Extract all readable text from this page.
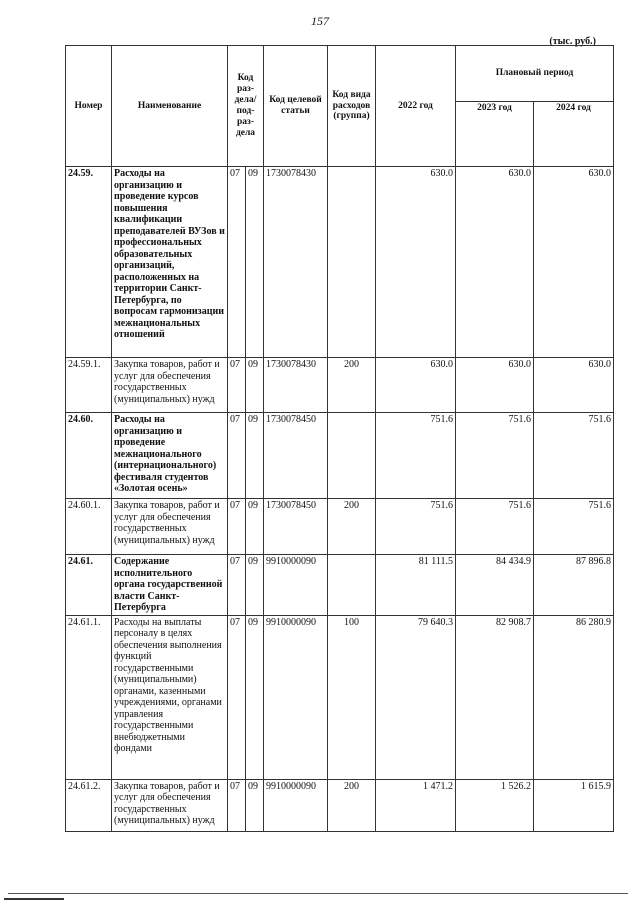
157
(тыс. руб.)
Номер	Наименование	Код раз-дела/ под-раз-дела		Код целевой статьи	Код вида расходов (группа)	2022 год	Плановый период	
							2023 год	2024 год
24.59.	Расходы на организацию и проведение курсов повышения квалификации преподавателей ВУЗов и профессиональных образовательных организаций, расположенных на территории Санкт-Петербурга, по вопросам гармонизации межнациональных отношений	07	09	1730078430		630.0	630.0	630.0
24.59.1.	Закупка товаров, работ и услуг для обеспечения государственных (муниципальных) нужд	07	09	1730078430	200	630.0	630.0	630.0
24.60.	Расходы на организацию и проведение межнационального (интернационального) фестиваля студентов «Золотая осень»	07	09	1730078450		751.6	751.6	751.6
24.60.1.	Закупка товаров, работ и услуг для обеспечения государственных (муниципальных) нужд	07	09	1730078450	200	751.6	751.6	751.6
24.61.	Содержание исполнительного органа государственной власти Санкт-Петербурга	07	09	9910000090		81 111.5	84 434.9	87 896.8
24.61.1.	Расходы на выплаты персоналу в целях обеспечения выполнения функций государственными (муниципальными) органами, казенными учреждениями, органами управления государственными внебюджетными фондами	07	09	9910000090	100	79 640.3	82 908.7	86 280.9
24.61.2.	Закупка товаров, работ и услуг для обеспечения государственных (муниципальных) нужд	07	09	9910000090	200	1 471.2	1 526.2	1 615.9
